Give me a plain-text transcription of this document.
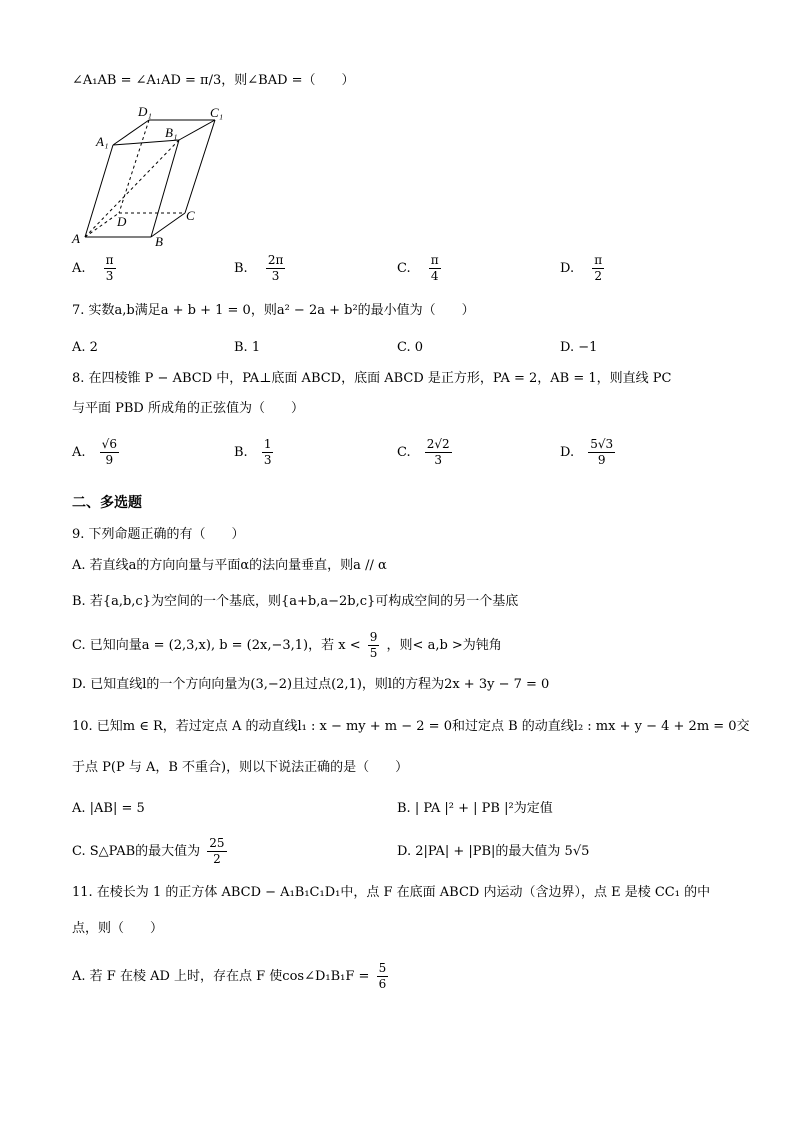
∠A₁AB = ∠A₁AD = π/3，则∠BAD =（　　）
A	B
C
D
A₁
B₁
C₁
D₁
A. $\frac{\pi}{3}$	B. $\frac{2\pi}{3}$	C. $\frac{\pi}{4}$	D. $\frac{\pi}{2}$
7. 实数a,b满足a + b + 1 = 0，则a² − 2a + b²的最小值为（　　）
A. 2	B. 1	C. 0	D. −1
8. 在四棱锥 P − ABCD 中，PA⊥底面 ABCD，底面 ABCD 是正方形，PA = 2，AB = 1，则直线 PC
与平面 PBD 所成角的正弦值为（　　）
A. $\frac{√6}{9}$	B. $\frac{1}{3}$	C. $\frac{2√2}{3}$	D. $\frac{5√3}{9}$
二、多选题
9. 下列命题正确的有（　　）
A. 若直线a的方向向量与平面α的法向量垂直，则a // α
B. 若{a,b,c}为空间的一个基底，则{a+b,a−2b,c}可构成空间的另一个基底
C. 已知向量a = (2,3,x), b = (2x,−3,1)，若 $x < \frac{9}{5}$ ，则< a,b >为钝角
D. 已知直线l的一个方向向量为(3,−2)且过点(2,1)，则l的方程为2x + 3y − 7 = 0
10. 已知m ∈ R，若过定点 A 的动直线l₁ : x − my + m − 2 = 0和过定点 B 的动直线l₂ : mx + y − 4 + 2m = 0交
于点 P(P 与 A，B 不重合)，则以下说法正确的是（　　）
A. |AB| = 5	B. | PA |² + | PB |²为定值
C. S△PAB的最大值为 $\frac{25}{2}$	D. 2|PA| + |PB|的最大值为 5√5
11. 在棱长为 1 的正方体 ABCD − A₁B₁C₁D₁中，点 F 在底面 ABCD 内运动（含边界），点 E 是棱 CC₁ 的中
点，则（　　）
A. 若 F 在棱 AD 上时，存在点 F 使cos∠D₁B₁F = $\frac{5}{6}$
